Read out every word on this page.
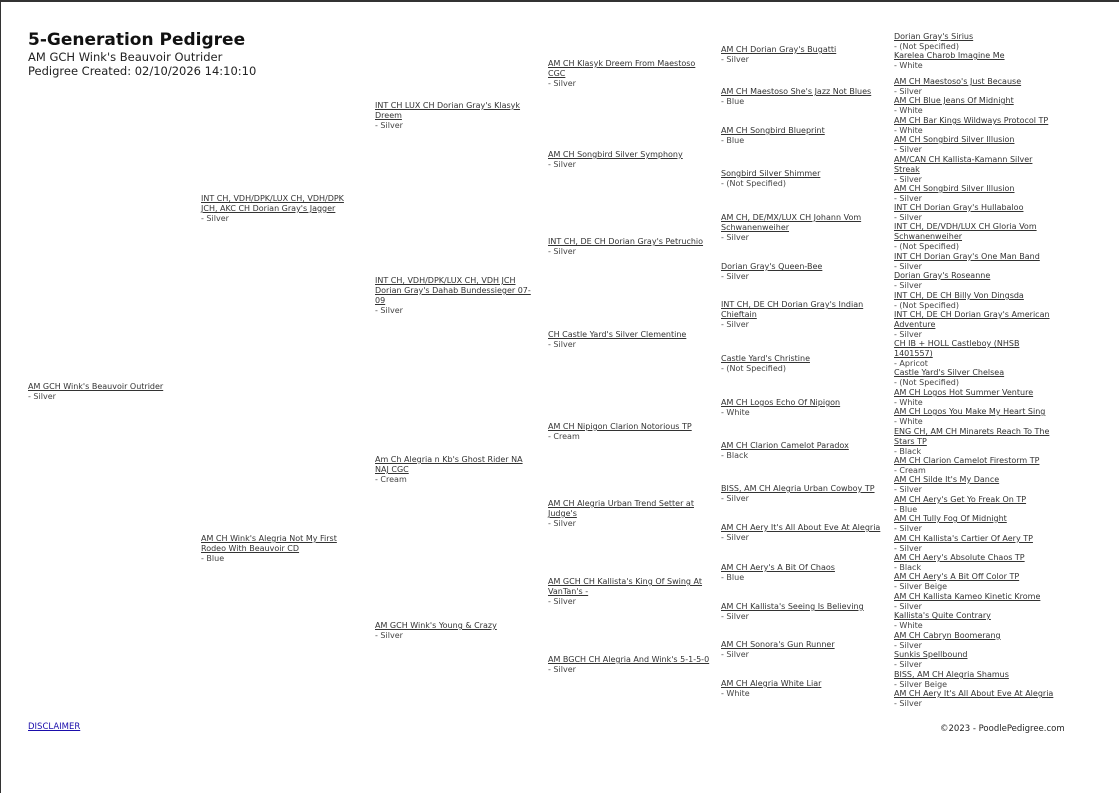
5-Generation Pedigree
AM GCH Wink's Beauvoir Outrider
Pedigree Created: 02/10/2026 14:10:10
AM GCH Wink's Beauvoir Outrider
- Silver
INT CH, VDH/DPK/LUX CH, VDH/DPK JCH, AKC CH Dorian Gray's Jagger
- Silver
AM CH Wink's Alegria Not My First Rodeo With Beauvoir CD
- Blue
INT CH LUX CH Dorian Gray's Klasyk Dreem
- Silver
INT CH, VDH/DPK/LUX CH, VDH JCH Dorian Gray's Dahab Bundessieger 07-09
- Silver
Am Ch Alegria n Kb's Ghost Rider NA NAJ CGC
- Cream
AM GCH Wink's Young & Crazy
- Silver
AM CH Klasyk Dreem From Maestoso CGC
- Silver
AM CH Songbird Silver Symphony
- Silver
INT CH, DE CH Dorian Gray's Petruchio
- Silver
CH Castle Yard's Silver Clementine
- Silver
AM CH Nipigon Clarion Notorious TP
- Cream
AM CH Alegria Urban Trend Setter at Judge's
- Silver
AM GCH CH Kallista's King Of Swing At VanTan's -
- Silver
AM BGCH CH Alegria And Wink's 5-1-5-0
- Silver
AM CH Dorian Gray's Bugatti
- Silver
AM CH Maestoso She's Jazz Not Blues
- Blue
AM CH Songbird Blueprint
- Blue
Songbird Silver Shimmer
- (Not Specified)
AM CH, DE/MX/LUX CH Johann Vom Schwanenweiher
- Silver
Dorian Gray's Queen-Bee
- Silver
INT CH, DE CH Dorian Gray's Indian Chieftain
- Silver
Castle Yard's Christine
- (Not Specified)
AM CH Logos Echo Of Nipigon
- White
AM CH Clarion Camelot Paradox
- Black
BISS, AM CH Alegria Urban Cowboy TP
- Silver
AM CH Aery It's All About Eve At Alegria
- Silver
AM CH Aery's A Bit Of Chaos
- Blue
AM CH Kallista's Seeing Is Believing
- Silver
AM CH Sonora's Gun Runner
- Silver
AM CH Alegria White Liar
- White
Dorian Gray's Sirius
- (Not Specified)
Karelea Charob Imagine Me
- White
AM CH Maestoso's Just Because
- Silver
AM CH Blue Jeans Of Midnight
- White
AM CH Bar Kings Wildways Protocol TP
- White
AM CH Songbird Silver Illusion
- Silver
AM/CAN CH Kallista-Kamann Silver Streak
- Silver
AM CH Songbird Silver Illusion
- Silver
INT CH Dorian Gray's Hullabaloo
- Silver
INT CH, DE/VDH/LUX CH Gloria Vom Schwanenweiher
- (Not Specified)
INT CH Dorian Gray's One Man Band
- Silver
Dorian Gray's Roseanne
- Silver
INT CH, DE CH Billy Von Dingsda
- (Not Specified)
INT CH, DE CH Dorian Gray's American Adventure
- Silver
CH IB + HOLL Castleboy (NHSB 1401557)
- Apricot
Castle Yard's Silver Chelsea
- (Not Specified)
AM CH Logos Hot Summer Venture
- White
AM CH Logos You Make My Heart Sing
- White
ENG CH, AM CH Minarets Reach To The Stars TP
- Black
AM CH Clarion Camelot Firestorm TP
- Cream
AM CH Silde It's My Dance
- Silver
AM CH Aery's Get Yo Freak On TP
- Blue
AM CH Tully Fog Of Midnight
- Silver
AM CH Kallista's Cartier Of Aery TP
- Silver
AM CH Aery's Absolute Chaos TP
- Black
AM CH Aery's A Bit Off Color TP
- Silver Beige
AM CH Kallista Kameo Kinetic Krome
- Silver
Kallista's Quite Contrary
- White
AM CH Cabryn Boomerang
- Silver
Sunkis Spellbound
- Silver
BISS, AM CH Alegria Shamus
- Silver Beige
AM CH Aery It's All About Eve At Alegria
- Silver
DISCLAIMER	©2023 - PoodlePedigree.com
